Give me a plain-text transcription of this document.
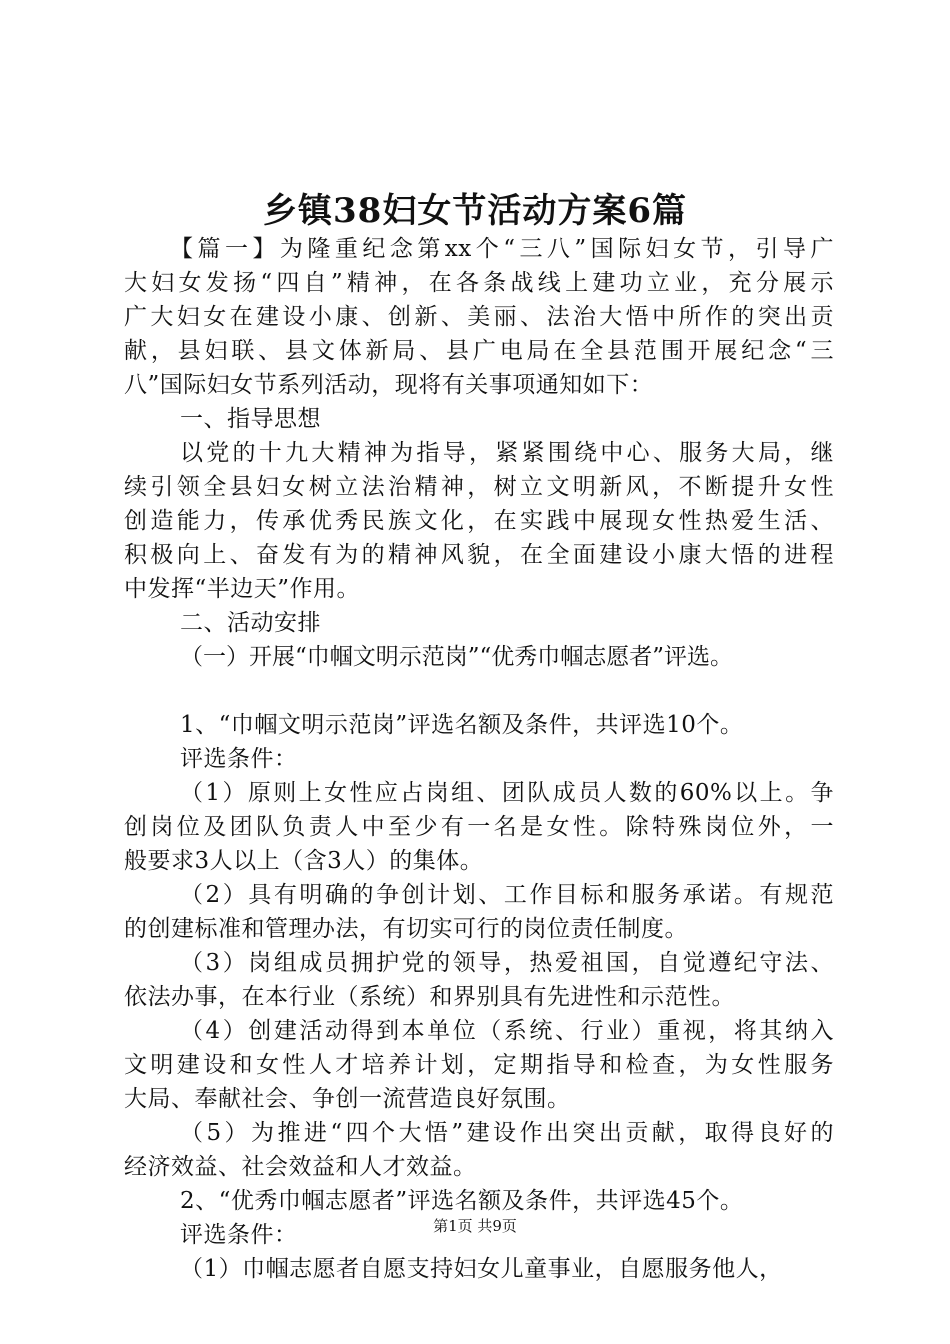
乡镇38妇女节活动方案6篇
【篇一】为隆重纪念第xx个“三八”国际妇女节，引导广
大妇女发扬“四自”精神，在各条战线上建功立业，充分展示
广大妇女在建设小康、创新、美丽、法治大悟中所作的突出贡
献，县妇联、县文体新局、县广电局在全县范围开展纪念“三
八”国际妇女节系列活动，现将有关事项通知如下：
一、指导思想
以党的十九大精神为指导，紧紧围绕中心、服务大局，继
续引领全县妇女树立法治精神，树立文明新风，不断提升女性
创造能力，传承优秀民族文化，在实践中展现女性热爱生活、
积极向上、奋发有为的精神风貌，在全面建设小康大悟的进程
中发挥“半边天”作用。
二、活动安排
（一）开展“巾帼文明示范岗”“优秀巾帼志愿者”评选。
1、“巾帼文明示范岗”评选名额及条件，共评选10个。
评选条件：
（1）原则上女性应占岗组、团队成员人数的60%以上。争
创岗位及团队负责人中至少有一名是女性。除特殊岗位外，一
般要求3人以上（含3人）的集体。
（2）具有明确的争创计划、工作目标和服务承诺。有规范
的创建标准和管理办法，有切实可行的岗位责任制度。
（3）岗组成员拥护党的领导，热爱祖国，自觉遵纪守法、
依法办事，在本行业（系统）和界别具有先进性和示范性。
（4）创建活动得到本单位（系统、行业）重视，将其纳入
文明建设和女性人才培养计划，定期指导和检查，为女性服务
大局、奉献社会、争创一流营造良好氛围。
（5）为推进“四个大悟”建设作出突出贡献，取得良好的
经济效益、社会效益和人才效益。
2、“优秀巾帼志愿者”评选名额及条件，共评选45个。
评选条件：
（1）巾帼志愿者自愿支持妇女儿童事业，自愿服务他人，
第1页 共9页
